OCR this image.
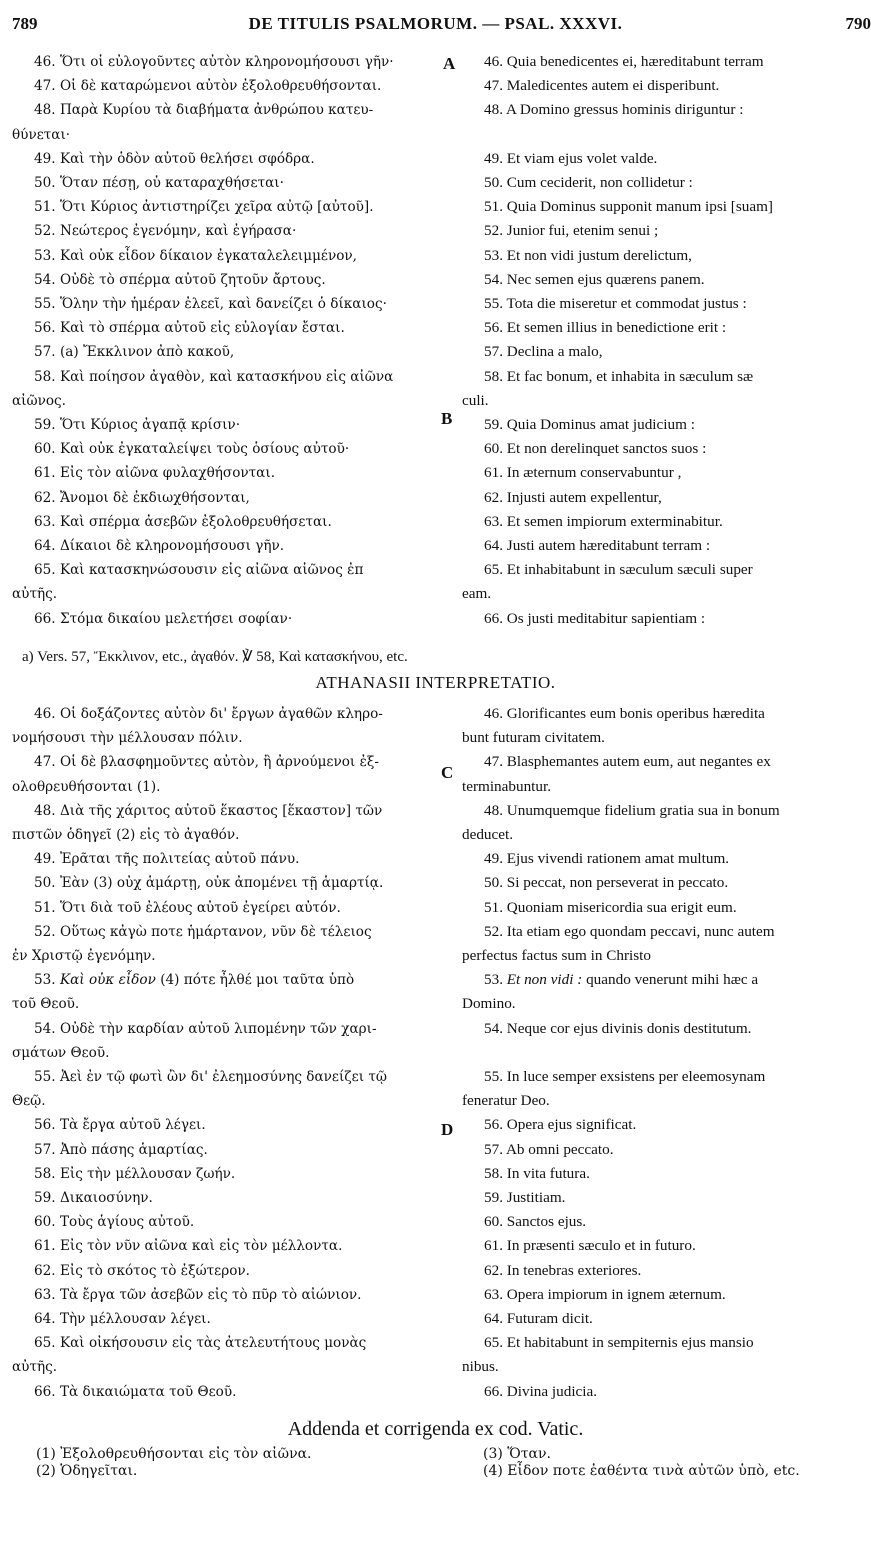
789	DE TITULIS PSALMORUM. — PSAL. XXXVI.	790
46. Ὅτι οἱ εὐλογοῦντες αὐτὸν κληρονομήσουσι γῆν·
47. Οἱ δὲ καταρώμενοι αὐτὸν ἐξολοθρευθήσονται.
48. Παρὰ Κυρίου τὰ διαβήματα ἀνθρώπου κατευ-
θύνεται·
49. Καὶ τὴν ὁδὸν αὐτοῦ θελήσει σφόδρα.
50. Ὅταν πέσῃ, οὐ καταραχθήσεται·
51. Ὅτι Κύριος ἀντιστηρίζει χεῖρα αὐτῷ [αὐτοῦ].
52. Νεώτερος ἐγενόμην, καὶ ἐγήρασα·
53. Καὶ οὐκ εἶδον δίκαιον ἐγκαταλελειμμένον,
54. Οὐδὲ τὸ σπέρμα αὐτοῦ ζητοῦν ἄρτους.
55. Ὅλην τὴν ἡμέραν ἐλεεῖ, καὶ δανείζει ὁ δίκαιος·
56. Καὶ τὸ σπέρμα αὐτοῦ εἰς εὐλογίαν ἔσται.
57. (a) Ἔκκλινον ἀπὸ κακοῦ,
58. Καὶ ποίησον ἀγαθὸν, καὶ κατασκήνου εἰς αἰῶνα
αἰῶνος.
59. Ὅτι Κύριος ἀγαπᾷ κρίσιν·
60. Καὶ οὐκ ἐγκαταλείψει τοὺς ὁσίους αὐτοῦ·
61. Εἰς τὸν αἰῶνα φυλαχθήσονται.
62. Ἄνομοι δὲ ἐκδιωχθήσονται,
63. Καὶ σπέρμα ἀσεβῶν ἐξολοθρευθήσεται.
64. Δίκαιοι δὲ κληρονομήσουσι γῆν.
65. Καὶ κατασκηνώσουσιν εἰς αἰῶνα αἰῶνος ἐπ
αὐτῆς.
66. Στόμα δικαίου μελετήσει σοφίαν·
46. Quia benedicentes ei, hæreditabunt terram
47. Maledicentes autem ei disperibunt.
48. A Domino gressus hominis diriguntur :

49. Et viam ejus volet valde.
50. Cum ceciderit, non collidetur :
51. Quia Dominus supponit manum ipsi [suam]
52. Junior fui, etenim senui ;
53. Et non vidi justum derelictum,
54. Nec semen ejus quærens panem.
55. Tota die miseretur et commodat justus :
56. Et semen illius in benedictione erit :
57. Declina a malo,
58. Et fac bonum, et inhabita in sæculum sæ
culi.
59. Quia Dominus amat judicium :
60. Et non derelinquet sanctos suos :
61. In æternum conservabuntur ,
62. Injusti autem expellentur,
63. Et semen impiorum exterminabitur.
64. Justi autem hæreditabunt terram :
65. Et inhabitabunt in sæculum sæculi super
eam.
66. Os justi meditabitur sapientiam :
A
B
C
D
a) Vers. 57, Ἔκκλινον, etc., ἀγαθόν. ℣ 58, Καὶ κατασκήνου, etc.
ATHANASII INTERPRETATIO.
46. Οἱ δοξάζοντες αὐτὸν δι' ἔργων ἀγαθῶν κληρο-
νομήσουσι τὴν μέλλουσαν πόλιν.
47. Οἱ δὲ βλασφημοῦντες αὐτὸν, ἢ ἀρνούμενοι ἐξ-
ολοθρευθήσονται (1).
48. Διὰ τῆς χάριτος αὐτοῦ ἕκαστος [ἕκαστον] τῶν
πιστῶν ὁδηγεῖ (2) εἰς τὸ ἀγαθόν.
49. Ἐρᾶται τῆς πολιτείας αὐτοῦ πάνυ.
50. Ἐὰν (3) οὐχ ἁμάρτῃ, οὐκ ἀπομένει τῇ ἁμαρτίᾳ.
51. Ὅτι διὰ τοῦ ἐλέους αὐτοῦ ἐγείρει αὐτόν.
52. Οὕτως κἀγὼ ποτε ἡμάρτανον, νῦν δὲ τέλειος
ἐν Χριστῷ ἐγενόμην.
53. Καὶ οὐκ εἶδον (4) πότε ἦλθέ μοι ταῦτα ὑπὸ
τοῦ Θεοῦ.
54. Οὐδὲ τὴν καρδίαν αὐτοῦ λιπομένην τῶν χαρι-
σμάτων Θεοῦ.
55. Ἀεὶ ἐν τῷ φωτὶ ὢν δι' ἐλεημοσύνης δανείζει τῷ
Θεῷ.
56. Τὰ ἔργα αὐτοῦ λέγει.
57. Ἀπὸ πάσης ἁμαρτίας.
58. Εἰς τὴν μέλλουσαν ζωήν.
59. Δικαιοσύνην.
60. Τοὺς ἁγίους αὐτοῦ.
61. Εἰς τὸν νῦν αἰῶνα καὶ εἰς τὸν μέλλοντα.
62. Εἰς τὸ σκότος τὸ ἐξώτερον.
63. Τὰ ἔργα τῶν ἀσεβῶν εἰς τὸ πῦρ τὸ αἰώνιον.
64. Τὴν μέλλουσαν λέγει.
65. Καὶ οἰκήσουσιν εἰς τὰς ἀτελευτήτους μονὰς
αὐτῆς.
66. Τὰ δικαιώματα τοῦ Θεοῦ.
46. Glorificantes eum bonis operibus hæredita
bunt futuram civitatem.
47. Blasphemantes autem eum, aut negantes ex
terminabuntur.
48. Unumquemque fidelium gratia sua in bonum
deducet.
49. Ejus vivendi rationem amat multum.
50. Si peccat, non perseverat in peccato.
51. Quoniam misericordia sua erigit eum.
52. Ita etiam ego quondam peccavi, nunc autem
perfectus factus sum in Christo
53. Et non vidi : quando venerunt mihi hæc a
Domino.
54. Neque cor ejus divinis donis destitutum.

55. In luce semper exsistens per eleemosynam
feneratur Deo.
56. Opera ejus significat.
57. Ab omni peccato.
58. In vita futura.
59. Justitiam.
60. Sanctos ejus.
61. In præsenti sæculo et in futuro.
62. In tenebras exteriores.
63. Opera impiorum in ignem æternum.
64. Futuram dicit.
65. Et habitabunt in sempiternis ejus mansio
nibus.
66. Divina judicia.
Addenda et corrigenda ex cod. Vatic.
(1) Ἐξολοθρευθήσονται εἰς τὸν αἰῶνα.
(2) Ὁδηγεῖται.
(3) Ὅταν.
(4) Εἶδον ποτε ἐαθέντα τινὰ αὐτῶν ὑπὸ, etc.
